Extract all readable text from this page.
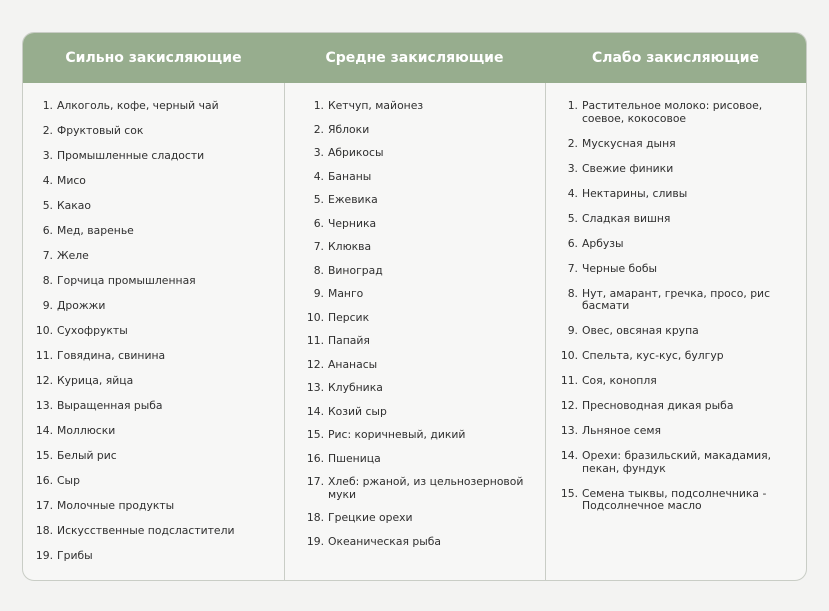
Сильно закисляющие	Средне закисляющие	Слабо закисляющие
1. Алкоголь, кофе, черный чай
2. Фруктовый сок
3. Промышленные сладости
4. Мисо
5. Какао
6. Мед, варенье
7. Желе
8. Горчица промышленная
9. Дрожжи
10. Сухофрукты
11. Говядина, свинина
12. Курица, яйца
13. Выращенная рыба
14. Моллюски
15. Белый рис
16. Сыр
17. Молочные продукты
18. Искусственные подсластители
19. Грибы
1. Кетчуп, майонез
2. Яблоки
3. Абрикосы
4. Бананы
5. Ежевика
6. Черника
7. Клюква
8. Виноград
9. Манго
10. Персик
11. Папайя
12. Ананасы
13. Клубника
14. Козий сыр
15. Рис: коричневый, дикий
16. Пшеница
17. Хлеб: ржаной, из цельнозерновой муки
18. Грецкие орехи
19. Океаническая рыба
1. Растительное молоко: рисовое, соевое, кокосовое
2. Мускусная дыня
3. Свежие финики
4. Нектарины, сливы
5. Сладкая вишня
6. Арбузы
7. Черные бобы
8. Нут, амарант, гречка, просо, рис басмати
9. Овес, овсяная крупа
10. Спельта, кус-кус, булгур
11. Соя, конопля
12. Пресноводная дикая рыба
13. Льняное семя
14. Орехи: бразильский, макадамия, пекан, фундук
15. Семена тыквы, подсолнечника - Подсолнечное масло
